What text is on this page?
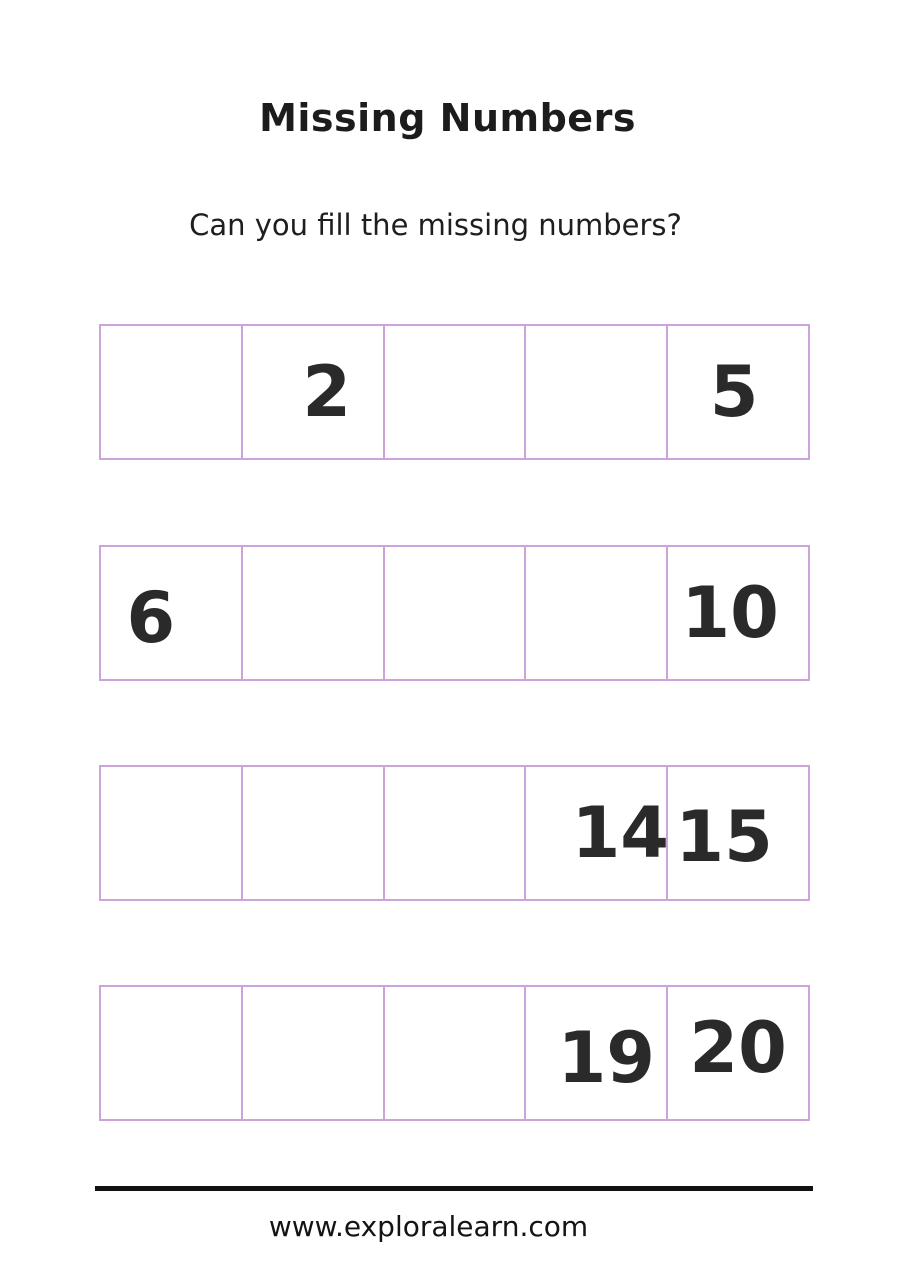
Missing Numbers
Can you fill the missing numbers?
2	5
6	10
14 15
19 20
www.exploralearn.com
